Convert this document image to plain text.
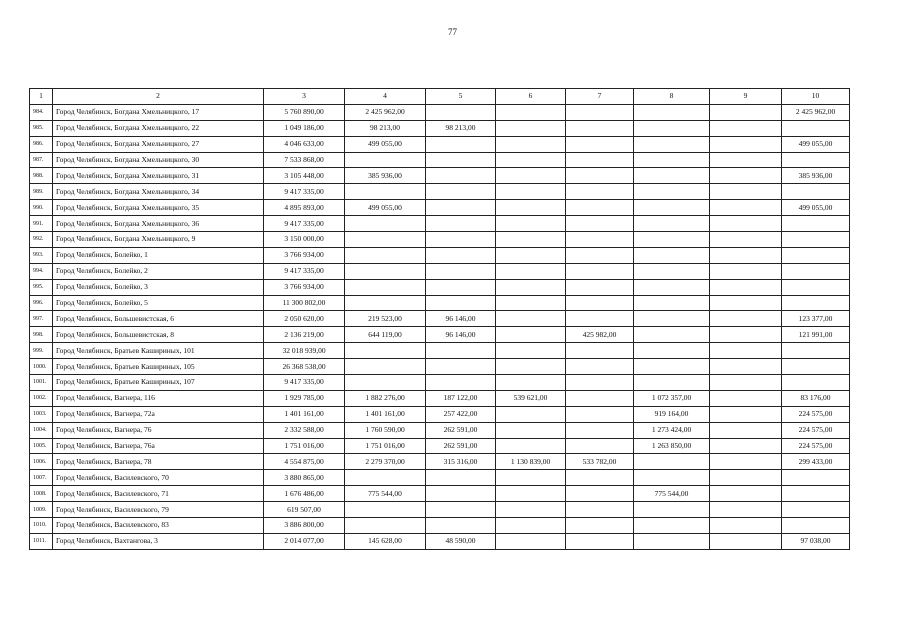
77
1	2	3	4	5	6	7	8	9	10
984.	Город Челябинск, Богдана Хмельницкого, 17	5 760 890,00	2 425 962,00						2 425 962,00
985.	Город Челябинск, Богдана Хмельницкого, 22	1 049 186,00	98 213,00	98 213,00					
986.	Город Челябинск, Богдана Хмельницкого, 27	4 046 633,00	499 055,00						499 055,00
987.	Город Челябинск, Богдана Хмельницкого, 30	7 533 868,00							
988.	Город Челябинск, Богдана Хмельницкого, 31	3 105 448,00	385 936,00						385 936,00
989.	Город Челябинск, Богдана Хмельницкого, 34	9 417 335,00							
990.	Город Челябинск, Богдана Хмельницкого, 35	4 895 893,00	499 055,00						499 055,00
991.	Город Челябинск, Богдана Хмельницкого, 36	9 417 335,00							
992.	Город Челябинск, Богдана Хмельницкого, 9	3 150 000,00							
993.	Город Челябинск, Болейко, 1	3 766 934,00							
994.	Город Челябинск, Болейко, 2	9 417 335,00							
995.	Город Челябинск, Болейко, 3	3 766 934,00							
996.	Город Челябинск, Болейко, 5	11 300 802,00							
997.	Город Челябинск, Большевистская, 6	2 050 620,00	219 523,00	96 146,00					123 377,00
998.	Город Челябинск, Большевистская, 8	2 136 219,00	644 119,00	96 146,00		425 982,00			121 991,00
999.	Город Челябинск, Братьев Кашириных, 101	32 018 939,00							
1000.	Город Челябинск, Братьев Кашириных, 105	26 368 538,00							
1001.	Город Челябинск, Братьев Кашириных, 107	9 417 335,00							
1002.	Город Челябинск, Вагнера, 116	1 929 785,00	1 882 276,00	187 122,00	539 621,00		1 072 357,00		83 176,00
1003.	Город Челябинск, Вагнера, 72а	1 401 161,00	1 401 161,00	257 422,00			919 164,00		224 575,00
1004.	Город Челябинск, Вагнера, 76	2 332 588,00	1 760 590,00	262 591,00			1 273 424,00		224 575,00
1005.	Город Челябинск, Вагнера, 76а	1 751 016,00	1 751 016,00	262 591,00			1 263 850,00		224 575,00
1006.	Город Челябинск, Вагнера, 78	4 554 875,00	2 279 370,00	315 316,00	1 130 839,00	533 782,00			299 433,00
1007.	Город Челябинск, Василевского, 70	3 880 865,00							
1008.	Город Челябинск, Василевского, 71	1 676 486,00	775 544,00				775 544,00		
1009.	Город Челябинск, Василевского, 79	619 507,00							
1010.	Город Челябинск, Василевского, 83	3 886 800,00							
1011.	Город Челябинск, Вахтангова, 3	2 014 077,00	145 628,00	48 590,00					97 038,00
